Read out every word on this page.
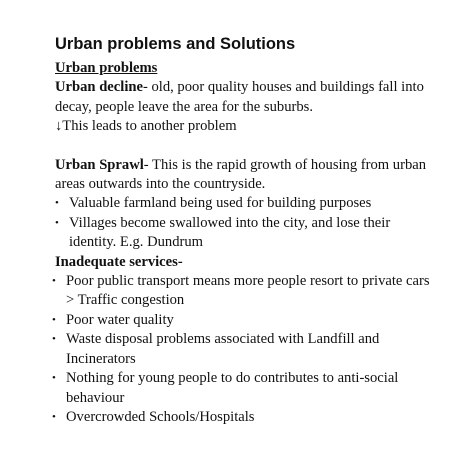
Urban problems and Solutions

Urban problems

Urban decline- old, poor quality houses and buildings fall into decay, people leave the area for the suburbs.

↓This leads to another problem

Urban Sprawl- This is the rapid growth of housing from urban areas outwards into the countryside.

• Valuable farmland being used for building purposes
• Villages become swallowed into the city, and lose their identity. E.g. Dundrum

Inadequate services-

• Poor public transport means more people resort to private cars > Traffic congestion
• Poor water quality
• Waste disposal problems associated with Landfill and Incinerators
• Nothing for young people to do contributes to anti-social behaviour
• Overcrowded Schools/Hospitals
